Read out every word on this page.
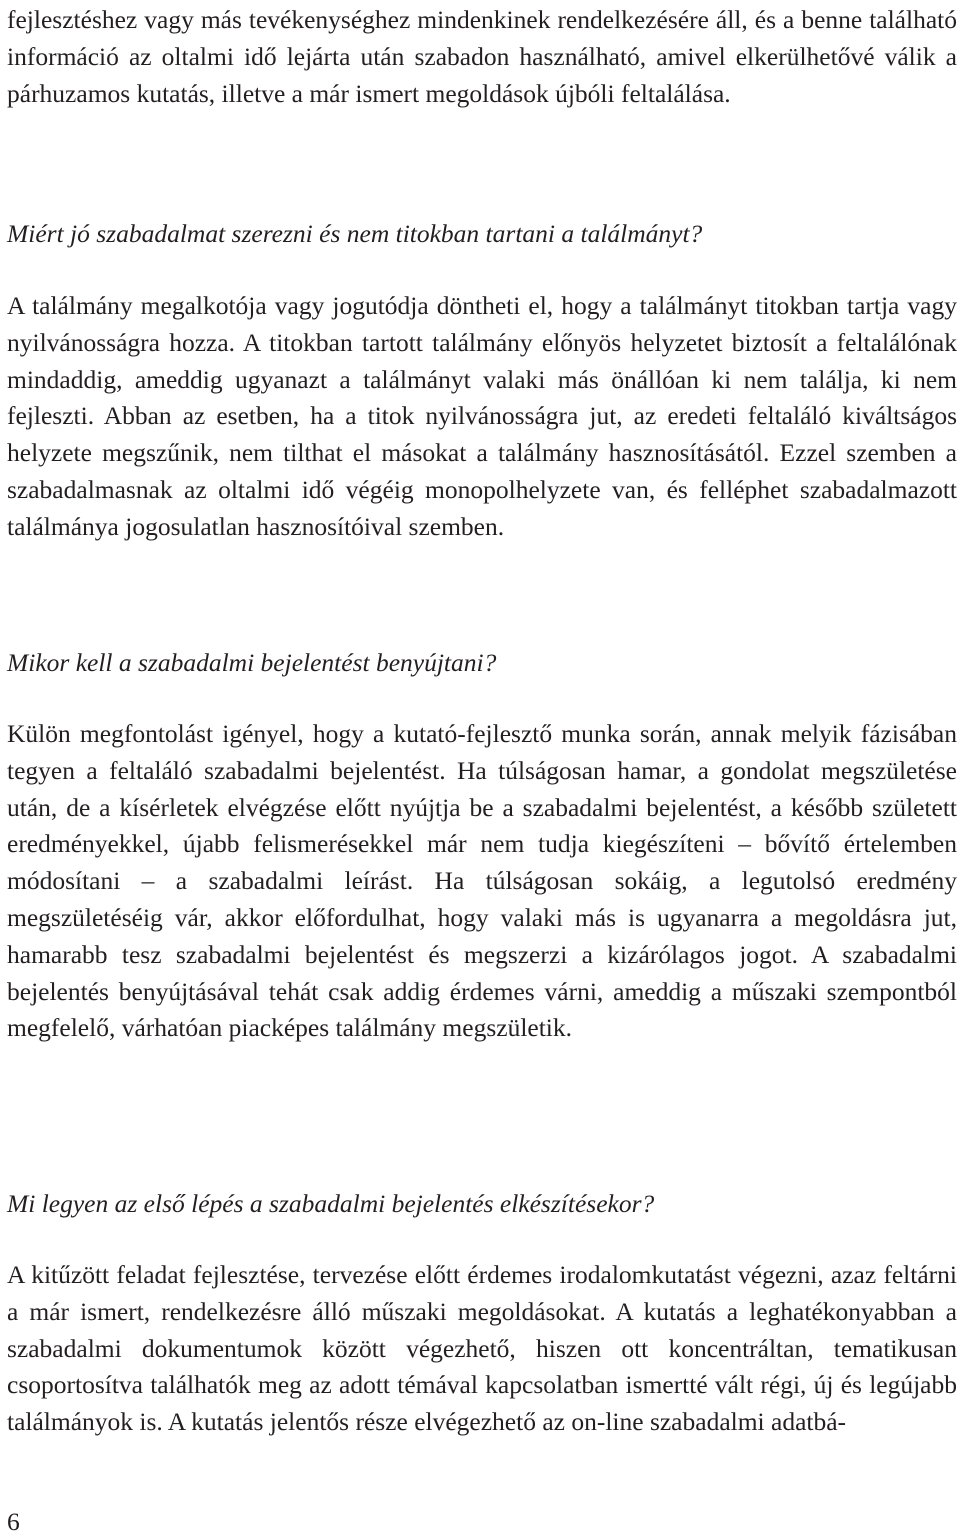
fejlesztéshez vagy más tevékenységhez mindenkinek rendelkezésére áll, és a benne található információ az oltalmi idő lejárta után szabadon használható, amivel elkerülhetővé válik a párhuzamos kutatás, illetve a már ismert megoldások újbóli feltalálása.

Miért jó szabadalmat szerezni és nem titokban tartani a találmányt?

A találmány megalkotója vagy jogutódja döntheti el, hogy a találmányt titokban tartja vagy nyilvánosságra hozza. A titokban tartott találmány előnyös helyzetet biztosít a feltalálónak mindaddig, ameddig ugyanazt a találmányt valaki más önállóan ki nem találja, ki nem fejleszti. Abban az esetben, ha a titok nyilvánosságra jut, az eredeti feltaláló kiváltságos helyzete megszűnik, nem tilthat el másokat a találmány hasznosításától. Ezzel szemben a szabadalmasnak az oltalmi idő végéig monopolhelyzete van, és felléphet szabadalmazott találmánya jogosulatlan hasznosítóival szemben.

Mikor kell a szabadalmi bejelentést benyújtani?

Külön megfontolást igényel, hogy a kutató-fejlesztő munka során, annak melyik fázisában tegyen a feltaláló szabadalmi bejelentést. Ha túlságosan hamar, a gondolat megszületése után, de a kísérletek elvégzése előtt nyújtja be a szabadalmi bejelentést, a később született eredményekkel, újabb felismerésekkel már nem tudja kiegészíteni – bővítő értelemben módosítani – a szabadalmi leírást. Ha túlságosan sokáig, a legutolsó eredmény megszületéséig vár, akkor előfordulhat, hogy valaki más is ugyanarra a megoldásra jut, hamarabb tesz szabadalmi bejelentést és megszerzi a kizárólagos jogot. A szabadalmi bejelentés benyújtásával tehát csak addig érdemes várni, ameddig a műszaki szempontból megfelelő, várhatóan piacképes találmány megszületik.

Mi legyen az első lépés a szabadalmi bejelentés elkészítésekor?

A kitűzött feladat fejlesztése, tervezése előtt érdemes irodalomkutatást végezni, azaz feltárni a már ismert, rendelkezésre álló műszaki megoldásokat. A kutatás a leghatékonyabban a szabadalmi dokumentumok között végezhető, hiszen ott koncentráltan, tematikusan csoportosítva találhatók meg az adott témával kapcsolatban ismertté vált régi, új és legújabb találmányok is. A kutatás jelentős része elvégezhető az on-line szabadalmi adatbá-

6
